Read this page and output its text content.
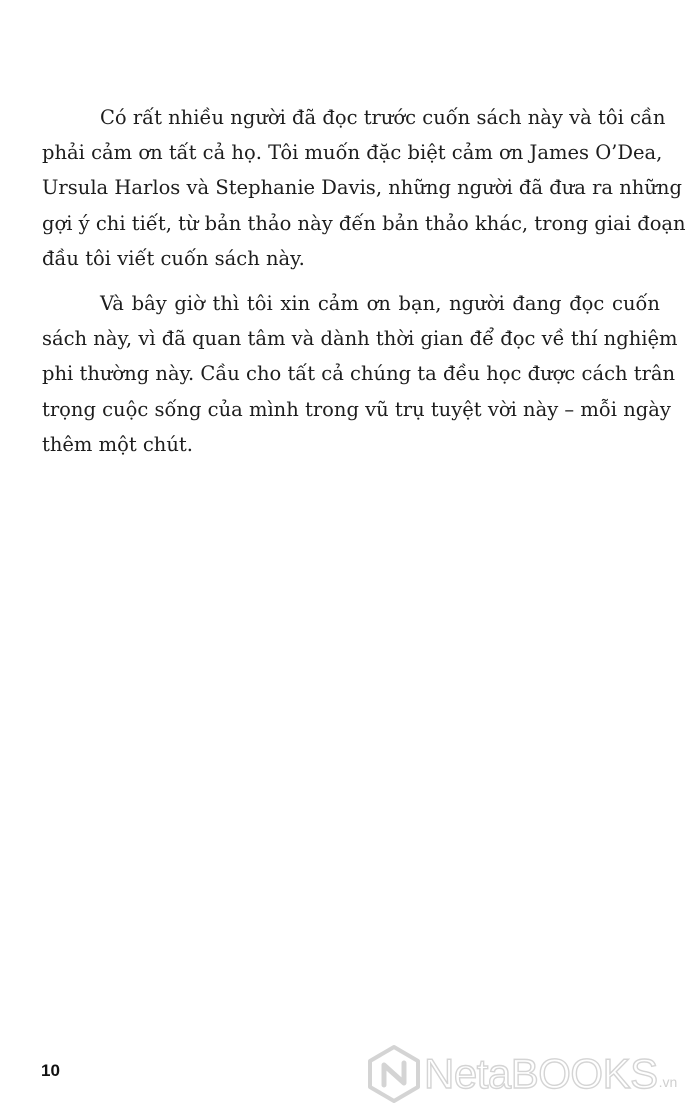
Có rất nhiều người đã đọc trước cuốn sách này và tôi cần
phải cảm ơn tất cả họ. Tôi muốn đặc biệt cảm ơn James O’Dea,
Ursula Harlos và Stephanie Davis, những người đã đưa ra những
gợi ý chi tiết, từ bản thảo này đến bản thảo khác, trong giai đoạn
đầu tôi viết cuốn sách này.
Và bây giờ thì tôi xin cảm ơn bạn, người đang đọc cuốn
sách này, vì đã quan tâm và dành thời gian để đọc về thí nghiệm
phi thường này. Cầu cho tất cả chúng ta đều học được cách trân
trọng cuộc sống của mình trong vũ trụ tuyệt vời này – mỗi ngày
thêm một chút.
10	NetaBOOKS .vn
